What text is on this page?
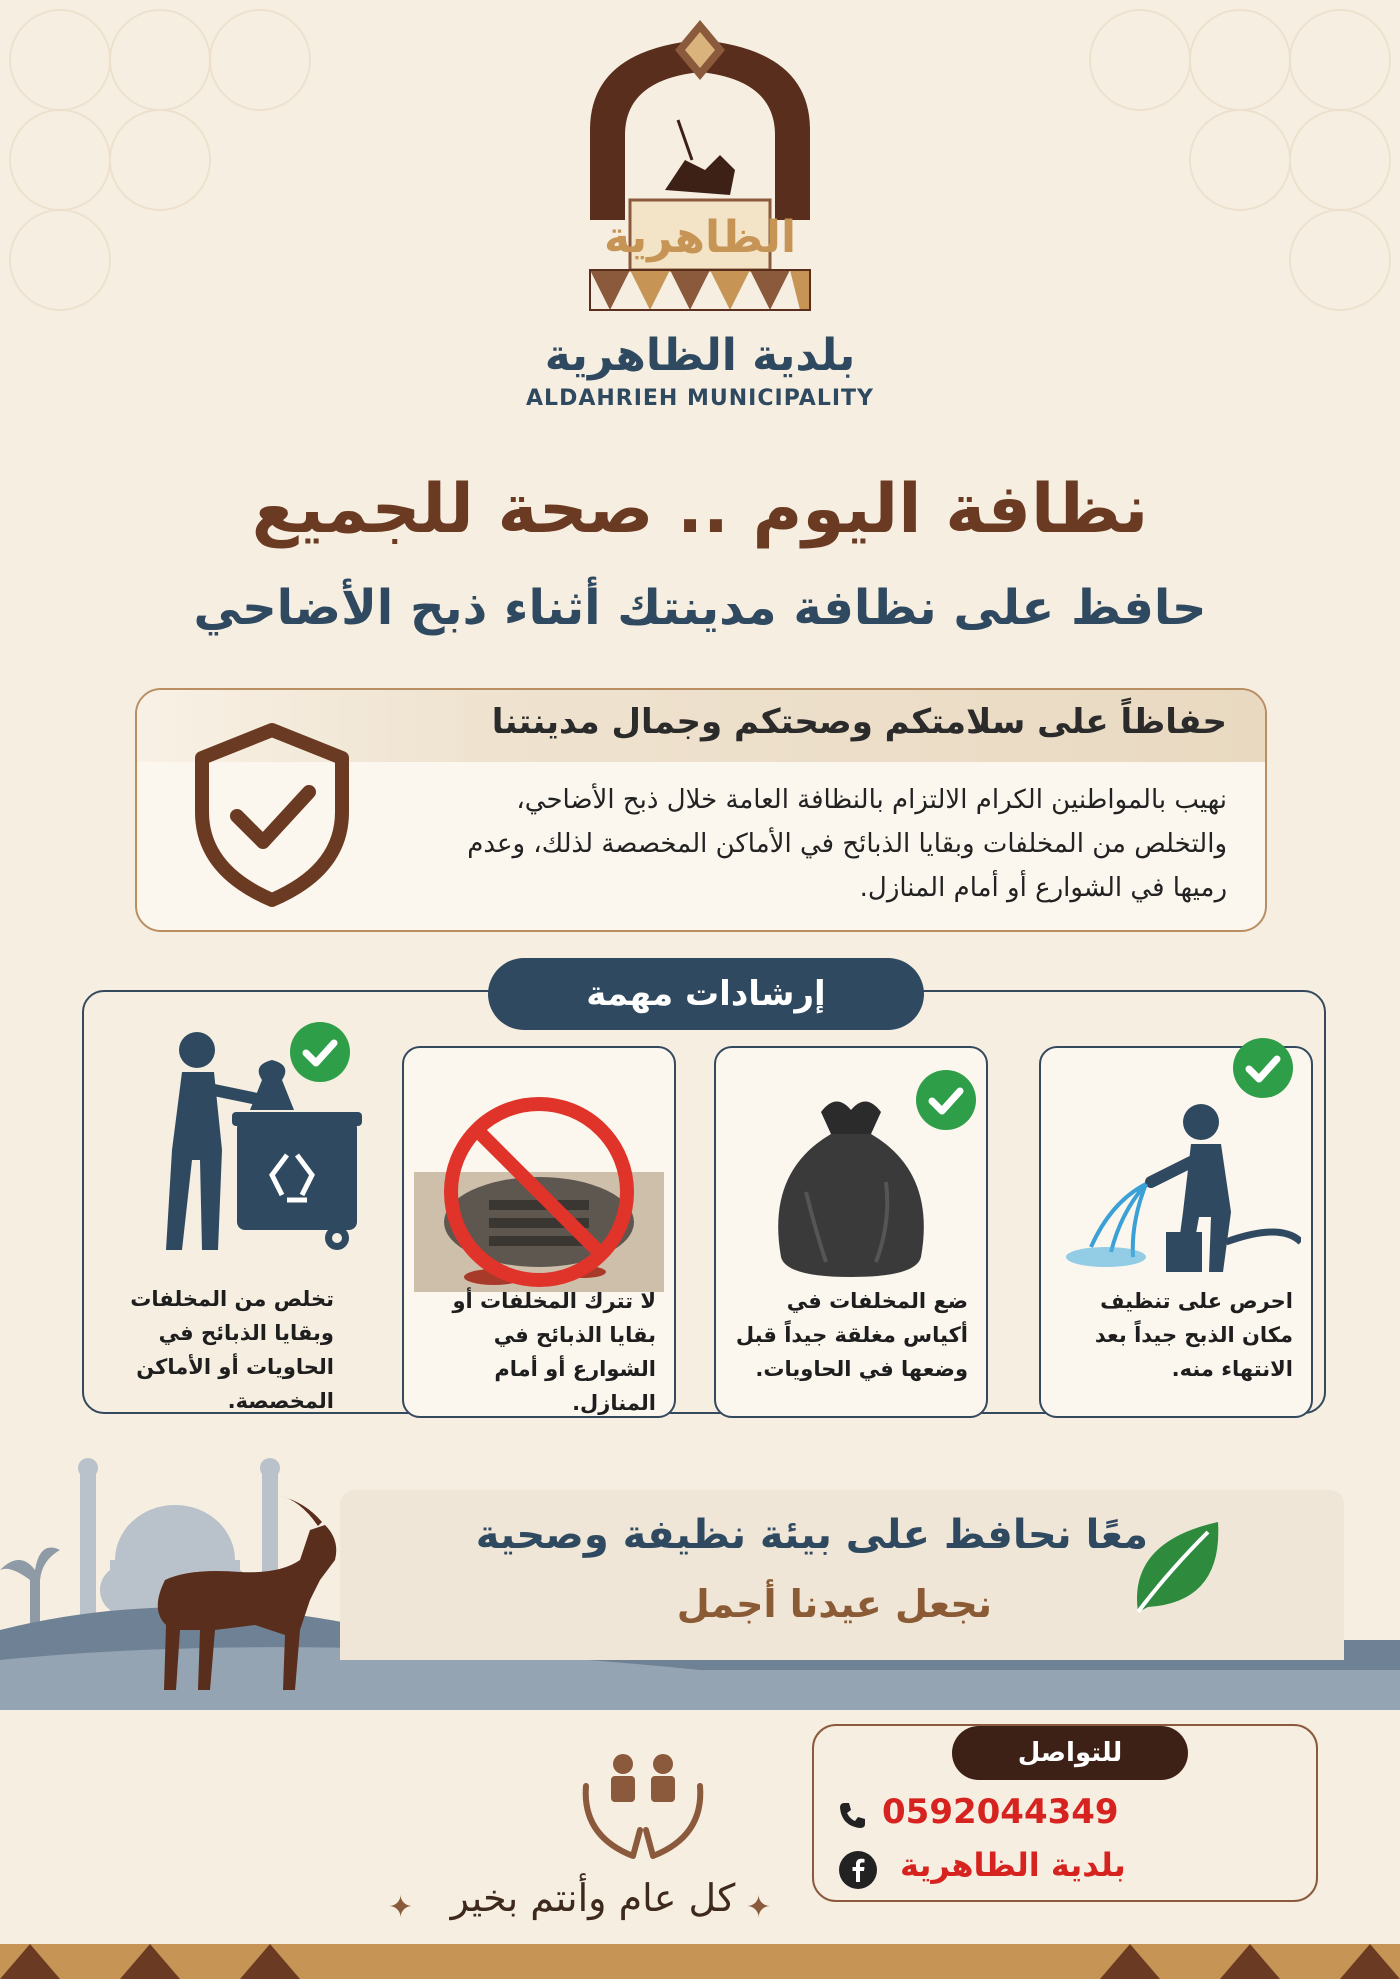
الظاهرية
بلدية الظاهرية
ALDAHRIEH MUNICIPALITY
نظافة اليوم .. صحة للجميع
حافظ على نظافة مدينتك أثناء ذبح الأضاحي
حفاظاً على سلامتكم وصحتكم وجمال مدينتنا
نهيب بالمواطنين الكرام الالتزام بالنظافة العامة خلال ذبح الأضاحي، والتخلص من المخلفات وبقايا الذبائح في الأماكن المخصصة لذلك، وعدم رميها في الشوارع أو أمام المنازل.
إرشادات مهمة
احرص على تنظيف مكان الذبح جيداً بعد الانتهاء منه.
ضع المخلفات في أكياس مغلقة جيداً قبل وضعها في الحاويات.
لا تترك المخلفات أو بقايا الذبائح في الشوارع أو أمام المنازل.
تخلص من المخلفات وبقايا الذبائح في الحاويات أو الأماكن المخصصة.
معًا نحافظ على بيئة نظيفة وصحية
نجعل عيدنا أجمل
للتواصل
0592044349
بلدية الظاهرية
✦ كل عام وأنتم بخير ✦
